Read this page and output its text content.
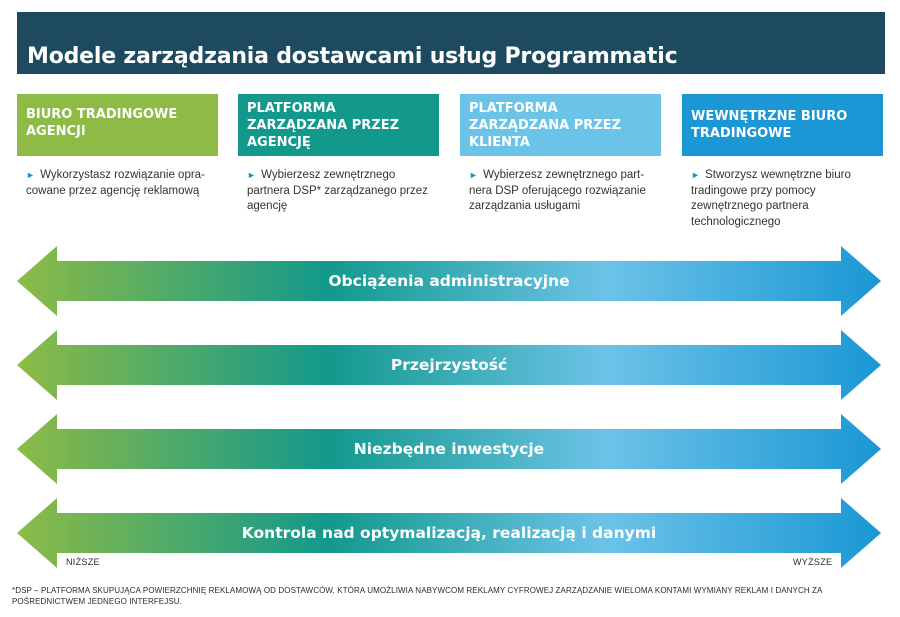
Modele zarządzania dostawcami usług Programmatic
BIURO TRADINGOWE AGENCJI
► Wykorzystasz rozwiązanie opra-cowane przez agencję reklamową
PLATFORMA ZARZĄDZANA PRZEZ AGENCJĘ
► Wybierzesz zewnętrznego partnera DSP* zarządzanego przez agencję
PLATFORMA ZARZĄDZANA PRZEZ KLIENTA
► Wybierzesz zewnętrznego part-nera DSP oferującego rozwiązanie zarządzania usługami
WEWNĘTRZNE BIURO TRADINGOWE
► Stworzysz wewnętrzne biuro tradingowe przy pomocy zewnętrznego partnera technologicznego
Obciążenia administracyjne
Przejrzystość
Niezbędne inwestycje
Kontrola nad optymalizacją, realizacją i danymi
NIŻSZE	WYŻSZE
*DSP – PLATFORMA SKUPUJĄCA POWIERZCHNIĘ REKLAMOWĄ OD DOSTAWCÓW, KTÓRA UMOŻLIWIA NABYWCOM REKLAMY CYFROWEJ ZARZĄDZANIE WIELOMA KONTAMI WYMIANY REKLAM I DANYCH ZA POŚREDNICTWEM JEDNEGO INTERFEJSU.
